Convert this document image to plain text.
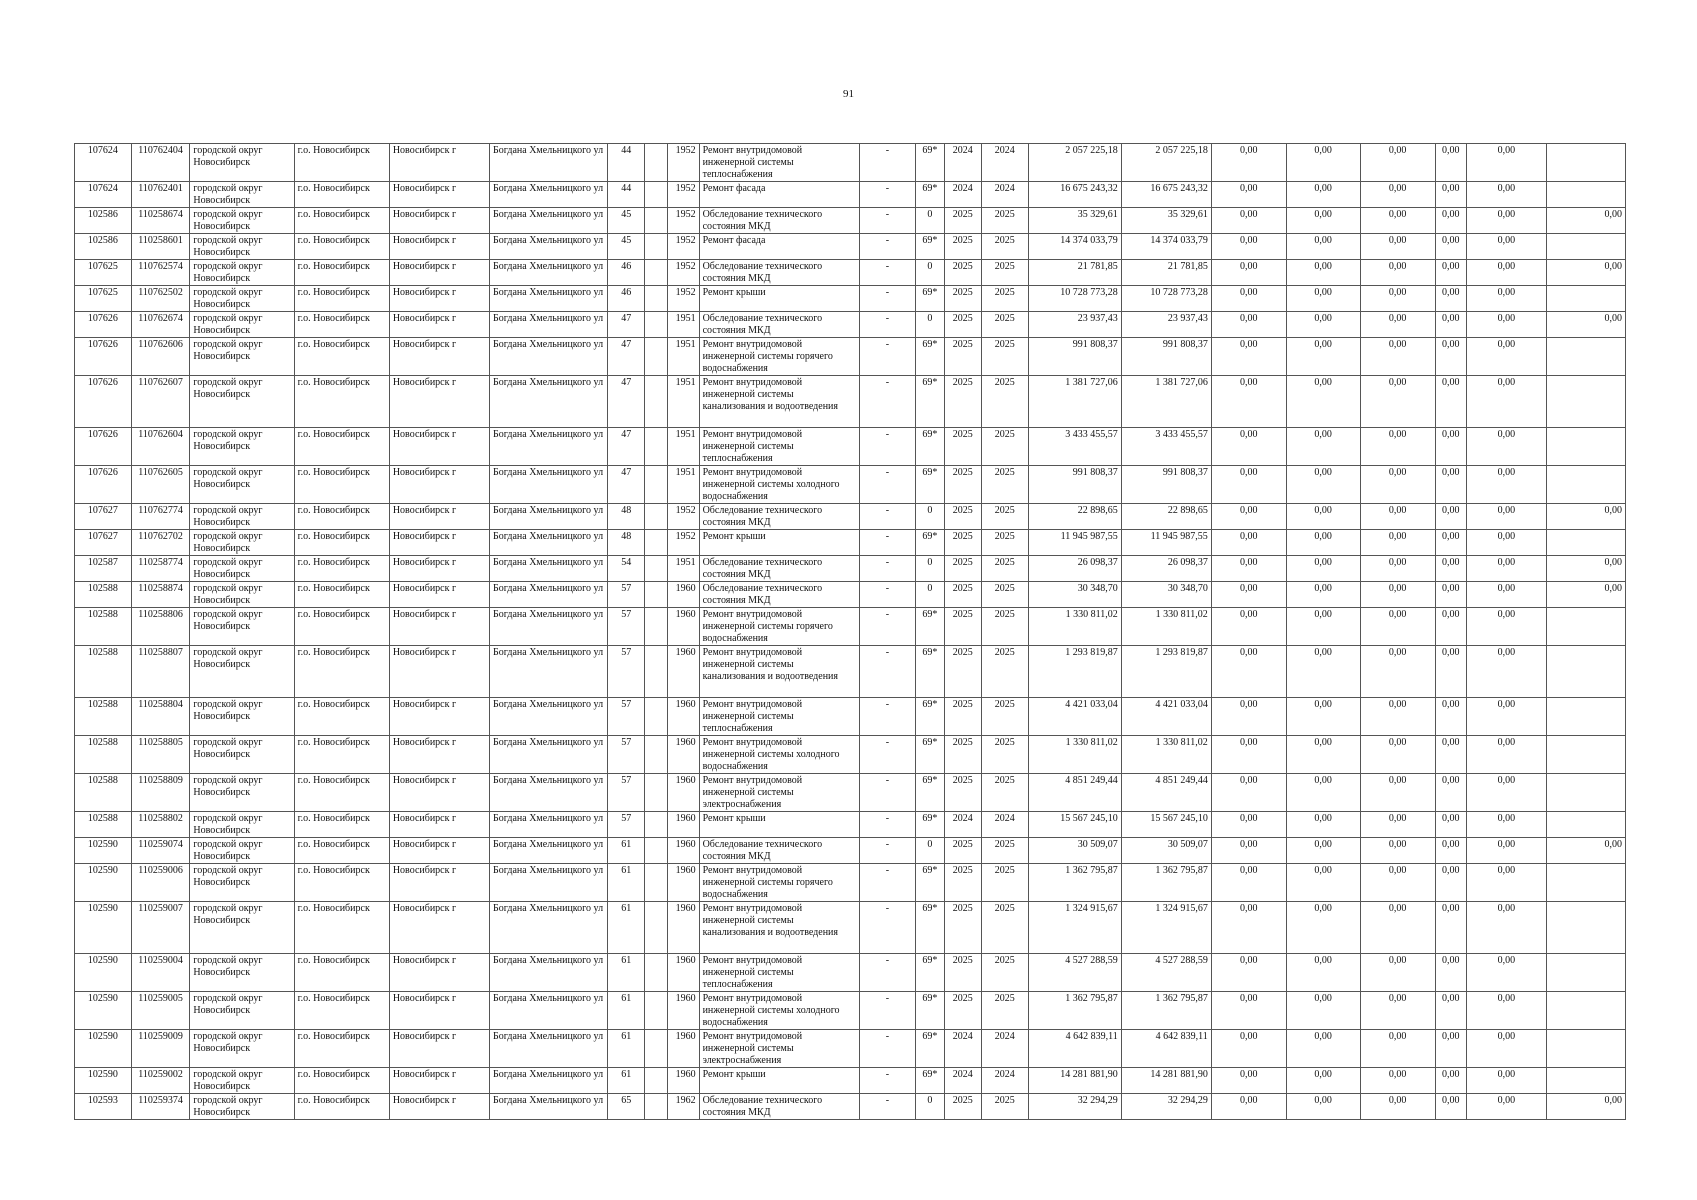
91
107624	110762404	городской округ Новосибирск	г.о. Новосибирск	Новосибирск г	Богдана Хмельницкого ул	44		1952	Ремонт внутридомовой инженерной системы теплоснабжения	-	69*	2024	2024	2 057 225,18	2 057 225,18	0,00	0,00	0,00	0,00	0,00	
107624	110762401	городской округ Новосибирск	г.о. Новосибирск	Новосибирск г	Богдана Хмельницкого ул	44		1952	Ремонт фасада	-	69*	2024	2024	16 675 243,32	16 675 243,32	0,00	0,00	0,00	0,00	0,00	
102586	110258674	городской округ Новосибирск	г.о. Новосибирск	Новосибирск г	Богдана Хмельницкого ул	45		1952	Обследование технического состояния МКД	-	0	2025	2025	35 329,61	35 329,61	0,00	0,00	0,00	0,00	0,00	0,00
102586	110258601	городской округ Новосибирск	г.о. Новосибирск	Новосибирск г	Богдана Хмельницкого ул	45		1952	Ремонт фасада	-	69*	2025	2025	14 374 033,79	14 374 033,79	0,00	0,00	0,00	0,00	0,00	
107625	110762574	городской округ Новосибирск	г.о. Новосибирск	Новосибирск г	Богдана Хмельницкого ул	46		1952	Обследование технического состояния МКД	-	0	2025	2025	21 781,85	21 781,85	0,00	0,00	0,00	0,00	0,00	0,00
107625	110762502	городской округ Новосибирск	г.о. Новосибирск	Новосибирск г	Богдана Хмельницкого ул	46		1952	Ремонт крыши	-	69*	2025	2025	10 728 773,28	10 728 773,28	0,00	0,00	0,00	0,00	0,00	
107626	110762674	городской округ Новосибирск	г.о. Новосибирск	Новосибирск г	Богдана Хмельницкого ул	47		1951	Обследование технического состояния МКД	-	0	2025	2025	23 937,43	23 937,43	0,00	0,00	0,00	0,00	0,00	0,00
107626	110762606	городской округ Новосибирск	г.о. Новосибирск	Новосибирск г	Богдана Хмельницкого ул	47		1951	Ремонт внутридомовой инженерной системы горячего водоснабжения	-	69*	2025	2025	991 808,37	991 808,37	0,00	0,00	0,00	0,00	0,00	
107626	110762607	городской округ Новосибирск	г.о. Новосибирск	Новосибирск г	Богдана Хмельницкого ул	47		1951	Ремонт внутридомовой инженерной системы канализования и водоотведения	-	69*	2025	2025	1 381 727,06	1 381 727,06	0,00	0,00	0,00	0,00	0,00	
107626	110762604	городской округ Новосибирск	г.о. Новосибирск	Новосибирск г	Богдана Хмельницкого ул	47		1951	Ремонт внутридомовой инженерной системы теплоснабжения	-	69*	2025	2025	3 433 455,57	3 433 455,57	0,00	0,00	0,00	0,00	0,00	
107626	110762605	городской округ Новосибирск	г.о. Новосибирск	Новосибирск г	Богдана Хмельницкого ул	47		1951	Ремонт внутридомовой инженерной системы холодного водоснабжения	-	69*	2025	2025	991 808,37	991 808,37	0,00	0,00	0,00	0,00	0,00	
107627	110762774	городской округ Новосибирск	г.о. Новосибирск	Новосибирск г	Богдана Хмельницкого ул	48		1952	Обследование технического состояния МКД	-	0	2025	2025	22 898,65	22 898,65	0,00	0,00	0,00	0,00	0,00	0,00
107627	110762702	городской округ Новосибирск	г.о. Новосибирск	Новосибирск г	Богдана Хмельницкого ул	48		1952	Ремонт крыши	-	69*	2025	2025	11 945 987,55	11 945 987,55	0,00	0,00	0,00	0,00	0,00	
102587	110258774	городской округ Новосибирск	г.о. Новосибирск	Новосибирск г	Богдана Хмельницкого ул	54		1951	Обследование технического состояния МКД	-	0	2025	2025	26 098,37	26 098,37	0,00	0,00	0,00	0,00	0,00	0,00
102588	110258874	городской округ Новосибирск	г.о. Новосибирск	Новосибирск г	Богдана Хмельницкого ул	57		1960	Обследование технического состояния МКД	-	0	2025	2025	30 348,70	30 348,70	0,00	0,00	0,00	0,00	0,00	0,00
102588	110258806	городской округ Новосибирск	г.о. Новосибирск	Новосибирск г	Богдана Хмельницкого ул	57		1960	Ремонт внутридомовой инженерной системы горячего водоснабжения	-	69*	2025	2025	1 330 811,02	1 330 811,02	0,00	0,00	0,00	0,00	0,00	
102588	110258807	городской округ Новосибирск	г.о. Новосибирск	Новосибирск г	Богдана Хмельницкого ул	57		1960	Ремонт внутридомовой инженерной системы канализования и водоотведения	-	69*	2025	2025	1 293 819,87	1 293 819,87	0,00	0,00	0,00	0,00	0,00	
102588	110258804	городской округ Новосибирск	г.о. Новосибирск	Новосибирск г	Богдана Хмельницкого ул	57		1960	Ремонт внутридомовой инженерной системы теплоснабжения	-	69*	2025	2025	4 421 033,04	4 421 033,04	0,00	0,00	0,00	0,00	0,00	
102588	110258805	городской округ Новосибирск	г.о. Новосибирск	Новосибирск г	Богдана Хмельницкого ул	57		1960	Ремонт внутридомовой инженерной системы холодного водоснабжения	-	69*	2025	2025	1 330 811,02	1 330 811,02	0,00	0,00	0,00	0,00	0,00	
102588	110258809	городской округ Новосибирск	г.о. Новосибирск	Новосибирск г	Богдана Хмельницкого ул	57		1960	Ремонт внутридомовой инженерной системы электроснабжения	-	69*	2025	2025	4 851 249,44	4 851 249,44	0,00	0,00	0,00	0,00	0,00	
102588	110258802	городской округ Новосибирск	г.о. Новосибирск	Новосибирск г	Богдана Хмельницкого ул	57		1960	Ремонт крыши	-	69*	2024	2024	15 567 245,10	15 567 245,10	0,00	0,00	0,00	0,00	0,00	
102590	110259074	городской округ Новосибирск	г.о. Новосибирск	Новосибирск г	Богдана Хмельницкого ул	61		1960	Обследование технического состояния МКД	-	0	2025	2025	30 509,07	30 509,07	0,00	0,00	0,00	0,00	0,00	0,00
102590	110259006	городской округ Новосибирск	г.о. Новосибирск	Новосибирск г	Богдана Хмельницкого ул	61		1960	Ремонт внутридомовой инженерной системы горячего водоснабжения	-	69*	2025	2025	1 362 795,87	1 362 795,87	0,00	0,00	0,00	0,00	0,00	
102590	110259007	городской округ Новосибирск	г.о. Новосибирск	Новосибирск г	Богдана Хмельницкого ул	61		1960	Ремонт внутридомовой инженерной системы канализования и водоотведения	-	69*	2025	2025	1 324 915,67	1 324 915,67	0,00	0,00	0,00	0,00	0,00	
102590	110259004	городской округ Новосибирск	г.о. Новосибирск	Новосибирск г	Богдана Хмельницкого ул	61		1960	Ремонт внутридомовой инженерной системы теплоснабжения	-	69*	2025	2025	4 527 288,59	4 527 288,59	0,00	0,00	0,00	0,00	0,00	
102590	110259005	городской округ Новосибирск	г.о. Новосибирск	Новосибирск г	Богдана Хмельницкого ул	61		1960	Ремонт внутридомовой инженерной системы холодного водоснабжения	-	69*	2025	2025	1 362 795,87	1 362 795,87	0,00	0,00	0,00	0,00	0,00	
102590	110259009	городской округ Новосибирск	г.о. Новосибирск	Новосибирск г	Богдана Хмельницкого ул	61		1960	Ремонт внутридомовой инженерной системы электроснабжения	-	69*	2024	2024	4 642 839,11	4 642 839,11	0,00	0,00	0,00	0,00	0,00	
102590	110259002	городской округ Новосибирск	г.о. Новосибирск	Новосибирск г	Богдана Хмельницкого ул	61		1960	Ремонт крыши	-	69*	2024	2024	14 281 881,90	14 281 881,90	0,00	0,00	0,00	0,00	0,00	
102593	110259374	городской округ Новосибирск	г.о. Новосибирск	Новосибирск г	Богдана Хмельницкого ул	65		1962	Обследование технического состояния МКД	-	0	2025	2025	32 294,29	32 294,29	0,00	0,00	0,00	0,00	0,00	0,00
